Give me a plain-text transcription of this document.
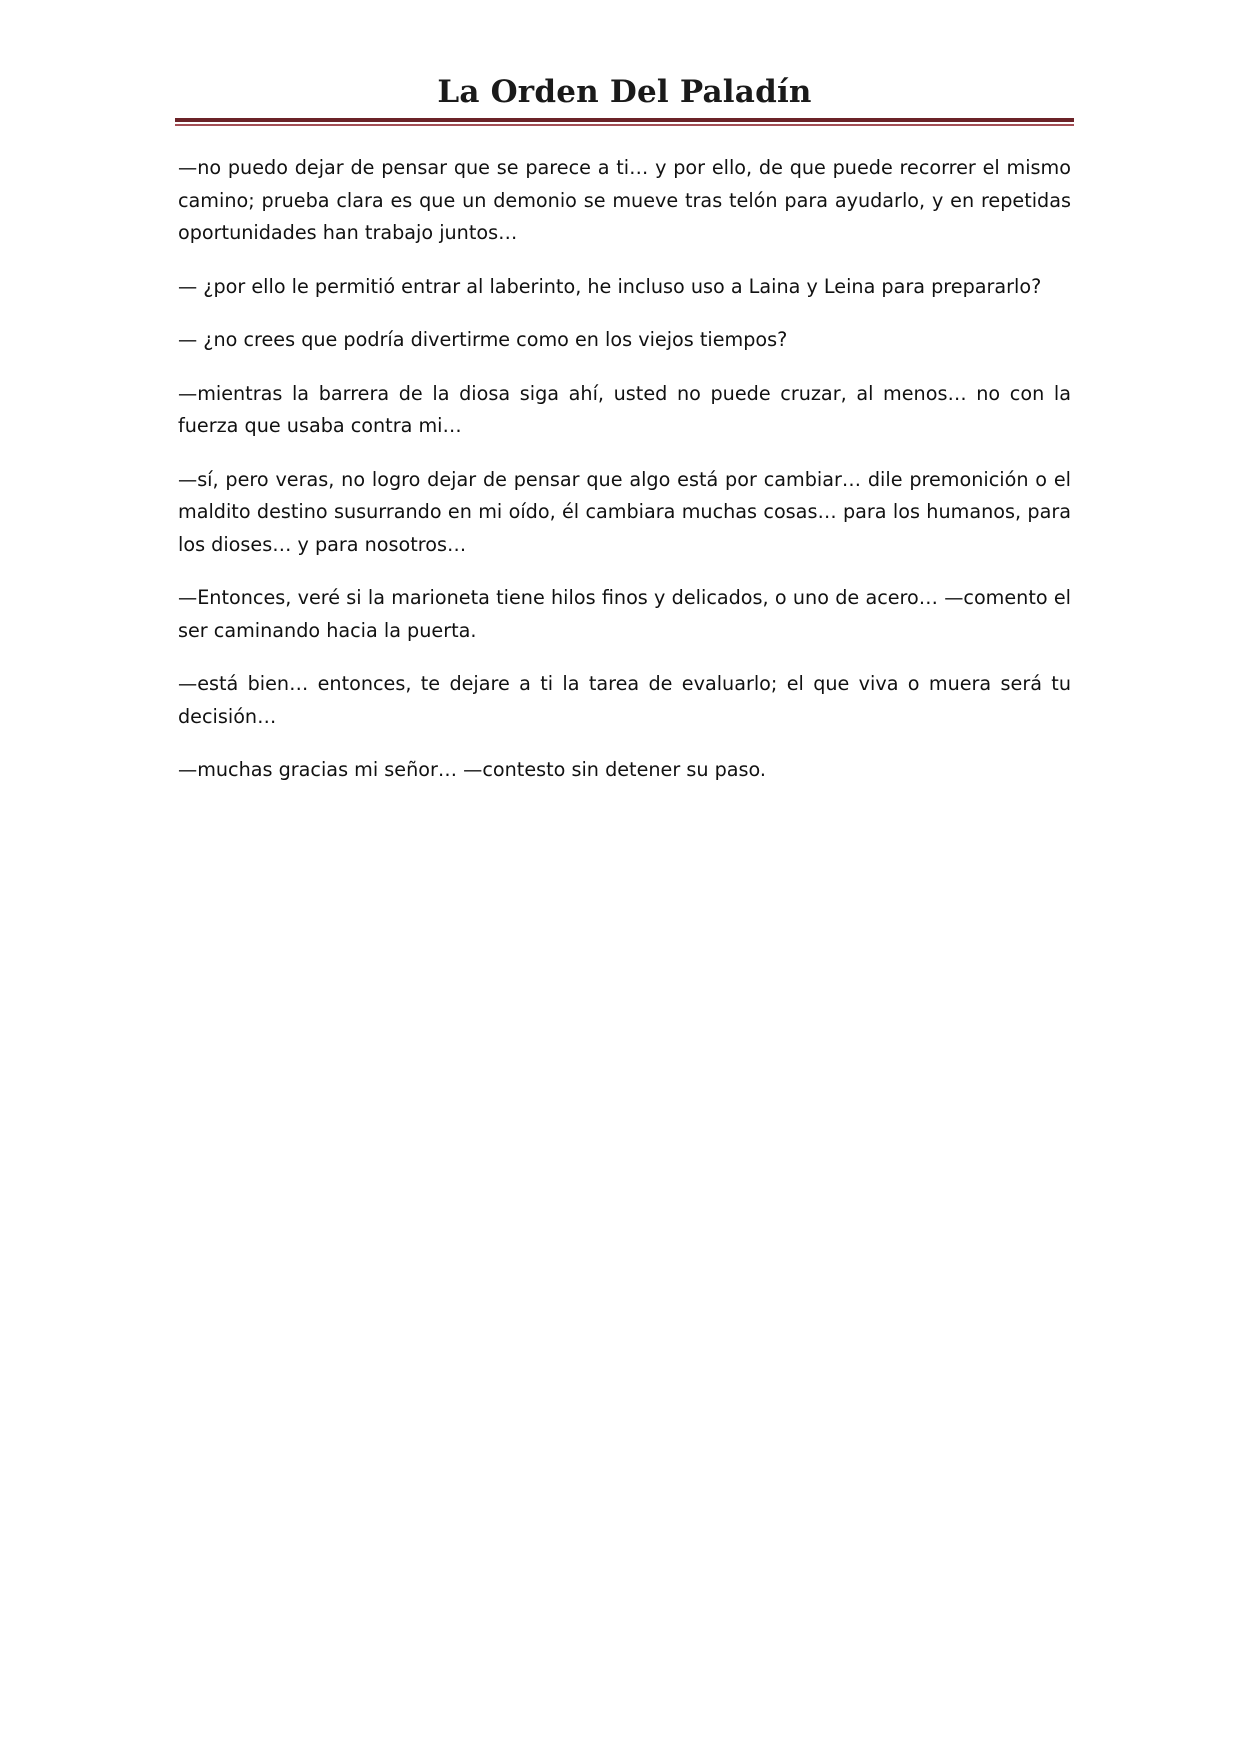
La Orden Del Paladín

—no puedo dejar de pensar que se parece a ti… y por ello, de que puede recorrer el mismo camino; prueba clara es que un demonio se mueve tras telón para ayudarlo, y en repetidas oportunidades han trabajo juntos…

— ¿por ello le permitió entrar al laberinto, he incluso uso a Laina y Leina para prepararlo?

— ¿no crees que podría divertirme como en los viejos tiempos?

—mientras la barrera de la diosa siga ahí, usted no puede cruzar, al menos… no con la fuerza que usaba contra mi…

—sí, pero veras, no logro dejar de pensar que algo está por cambiar… dile premonición o el maldito destino susurrando en mi oído, él cambiara muchas cosas… para los humanos, para los dioses… y para nosotros…

—Entonces, veré si la marioneta tiene hilos finos y delicados, o uno de acero… —comento el ser caminando hacia la puerta.

—está bien… entonces, te dejare a ti la tarea de evaluarlo; el que viva o muera será tu decisión…

—muchas gracias mi señor… —contesto sin detener su paso.
